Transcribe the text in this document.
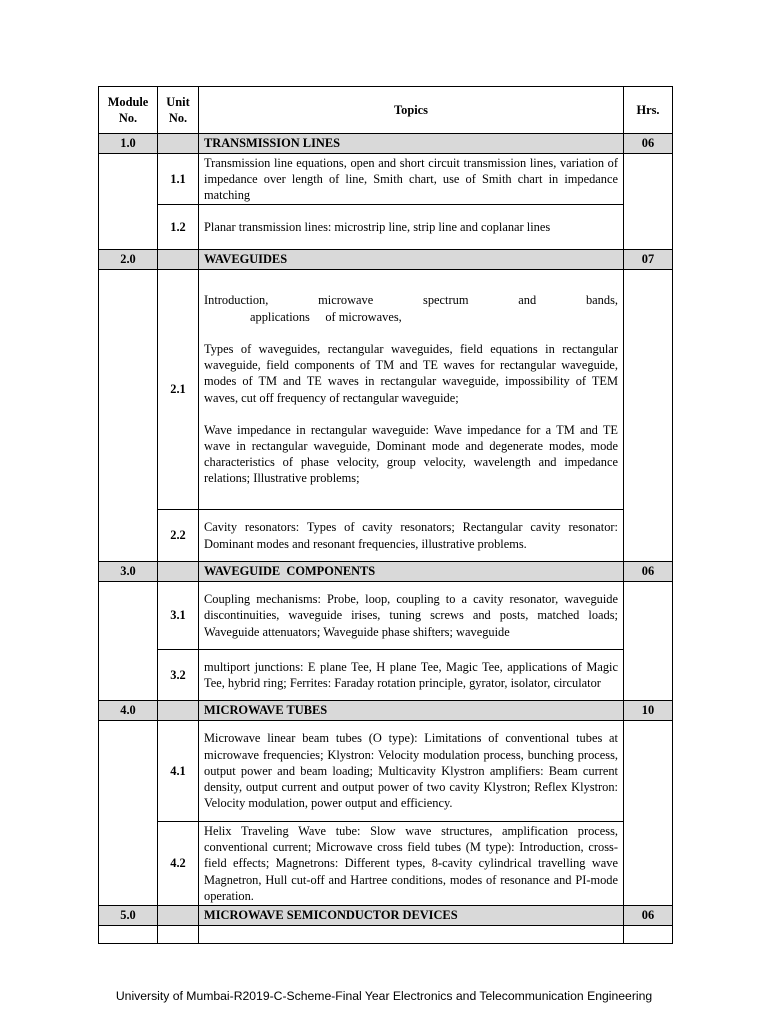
Module No.	Unit No.	Topics	Hrs.
1.0		TRANSMISSION LINES	06
	1.1	Transmission line equations, open and short circuit transmission lines, variation of impedance over length of line, Smith chart, use of Smith chart in impedance matching	

	1.2	Planar transmission lines: microstrip line, strip line and coplanar lines	

2.0		WAVEGUIDES	07
	2.1	Introduction, microwave spectrum and bands,
applications     of microwaves,

Types of waveguides, rectangular waveguides, field equations in rectangular waveguide, field components of TM and TE waves for rectangular waveguide, modes of TM and TE waves in rectangular waveguide, impossibility of TEM waves, cut off frequency of rectangular waveguide;

Wave impedance in rectangular waveguide: Wave impedance for a TM and TE wave in rectangular waveguide, Dominant mode and degenerate modes, mode characteristics of phase velocity, group velocity, wavelength and impedance relations; Illustrative problems;	

	2.2	Cavity resonators: Types of cavity resonators; Rectangular cavity resonator: Dominant modes and resonant frequencies, illustrative problems.	

3.0		WAVEGUIDE  COMPONENTS	06
	3.1	Coupling mechanisms: Probe, loop, coupling to a cavity resonator, waveguide discontinuities, waveguide irises, tuning screws and posts, matched loads; Waveguide attenuators; Waveguide phase shifters; waveguide	

	3.2	multiport junctions: E plane Tee, H plane Tee, Magic Tee, applications of Magic Tee, hybrid ring; Ferrites: Faraday rotation principle, gyrator, isolator, circulator	

4.0		MICROWAVE TUBES	10
	4.1	Microwave linear beam tubes (O type): Limitations of conventional tubes at microwave frequencies; Klystron: Velocity modulation process, bunching process, output power and beam loading; Multicavity Klystron amplifiers: Beam current density, output current and output power of two cavity Klystron; Reflex Klystron: Velocity modulation, power output and efficiency.	

	4.2	Helix Traveling Wave tube: Slow wave structures, amplification process, conventional current; Microwave cross field tubes (M type): Introduction, cross-field effects; Magnetrons: Different types, 8-cavity cylindrical travelling wave Magnetron, Hull cut-off and Hartree conditions, modes of resonance and PI-mode operation.	

5.0		MICROWAVE SEMICONDUCTOR DEVICES	06

University of Mumbai-R2019-C-Scheme-Final Year Electronics and Telecommunication Engineering
